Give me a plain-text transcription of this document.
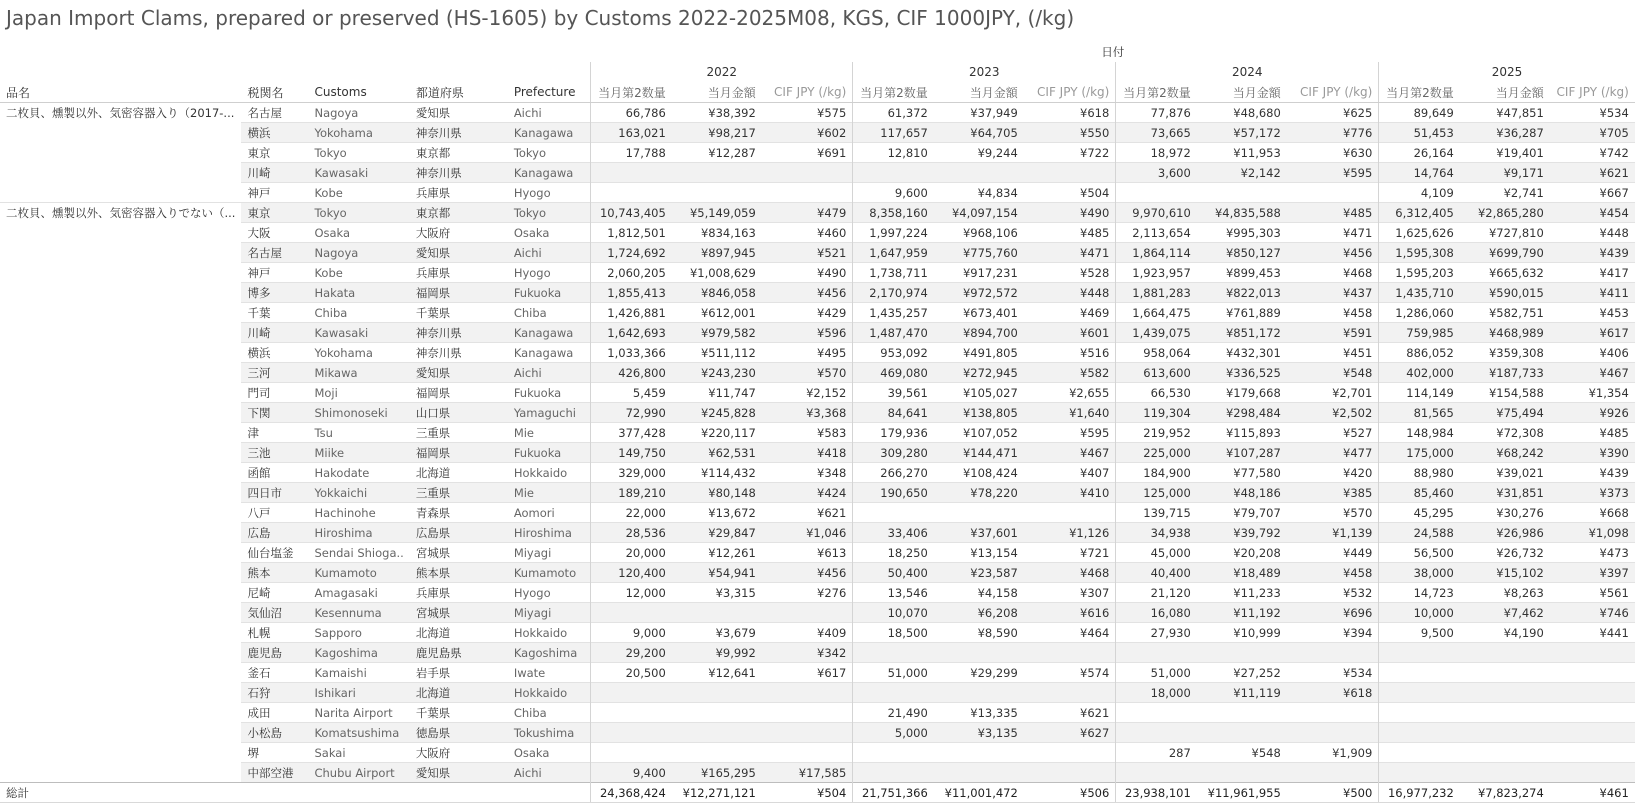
Japan Import Clams, prepared or preserved (HS-1605) by Customs 2022-2025M08, KGS, CIF 1000JPY, (/kg)
					日付											
					2022			2023			2024			2025		
品名	税関名	Customs	都道府県	Prefecture	当月第2数量	当月金額	CIF JPY (/kg)	当月第2数量	当月金額	CIF JPY (/kg)	当月第2数量	当月金額	CIF JPY (/kg)	当月第2数量	当月金額	CIF JPY (/kg)
二枚貝、燻製以外、気密容器入り（2017-...	名古屋	Nagoya	愛知県	Aichi	66,786	¥38,392	¥575	61,372	¥37,949	¥618	77,876	¥48,680	¥625	89,649	¥47,851	¥534
	横浜	Yokohama	神奈川県	Kanagawa	163,021	¥98,217	¥602	117,657	¥64,705	¥550	73,665	¥57,172	¥776	51,453	¥36,287	¥705
	東京	Tokyo	東京都	Tokyo	17,788	¥12,287	¥691	12,810	¥9,244	¥722	18,972	¥11,953	¥630	26,164	¥19,401	¥742
	川崎	Kawasaki	神奈川県	Kanagawa							3,600	¥2,142	¥595	14,764	¥9,171	¥621
	神戸	Kobe	兵庫県	Hyogo				9,600	¥4,834	¥504				4,109	¥2,741	¥667
二枚貝、燻製以外、気密容器入りでない（...	東京	Tokyo	東京都	Tokyo	10,743,405	¥5,149,059	¥479	8,358,160	¥4,097,154	¥490	9,970,610	¥4,835,588	¥485	6,312,405	¥2,865,280	¥454
	大阪	Osaka	大阪府	Osaka	1,812,501	¥834,163	¥460	1,997,224	¥968,106	¥485	2,113,654	¥995,303	¥471	1,625,626	¥727,810	¥448
	名古屋	Nagoya	愛知県	Aichi	1,724,692	¥897,945	¥521	1,647,959	¥775,760	¥471	1,864,114	¥850,127	¥456	1,595,308	¥699,790	¥439
	神戸	Kobe	兵庫県	Hyogo	2,060,205	¥1,008,629	¥490	1,738,711	¥917,231	¥528	1,923,957	¥899,453	¥468	1,595,203	¥665,632	¥417
	博多	Hakata	福岡県	Fukuoka	1,855,413	¥846,058	¥456	2,170,974	¥972,572	¥448	1,881,283	¥822,013	¥437	1,435,710	¥590,015	¥411
	千葉	Chiba	千葉県	Chiba	1,426,881	¥612,001	¥429	1,435,257	¥673,401	¥469	1,664,475	¥761,889	¥458	1,286,060	¥582,751	¥453
	川崎	Kawasaki	神奈川県	Kanagawa	1,642,693	¥979,582	¥596	1,487,470	¥894,700	¥601	1,439,075	¥851,172	¥591	759,985	¥468,989	¥617
	横浜	Yokohama	神奈川県	Kanagawa	1,033,366	¥511,112	¥495	953,092	¥491,805	¥516	958,064	¥432,301	¥451	886,052	¥359,308	¥406
	三河	Mikawa	愛知県	Aichi	426,800	¥243,230	¥570	469,080	¥272,945	¥582	613,600	¥336,525	¥548	402,000	¥187,733	¥467
	門司	Moji	福岡県	Fukuoka	5,459	¥11,747	¥2,152	39,561	¥105,027	¥2,655	66,530	¥179,668	¥2,701	114,149	¥154,588	¥1,354
	下関	Shimonoseki	山口県	Yamaguchi	72,990	¥245,828	¥3,368	84,641	¥138,805	¥1,640	119,304	¥298,484	¥2,502	81,565	¥75,494	¥926
	津	Tsu	三重県	Mie	377,428	¥220,117	¥583	179,936	¥107,052	¥595	219,952	¥115,893	¥527	148,984	¥72,308	¥485
	三池	Miike	福岡県	Fukuoka	149,750	¥62,531	¥418	309,280	¥144,471	¥467	225,000	¥107,287	¥477	175,000	¥68,242	¥390
	函館	Hakodate	北海道	Hokkaido	329,000	¥114,432	¥348	266,270	¥108,424	¥407	184,900	¥77,580	¥420	88,980	¥39,021	¥439
	四日市	Yokkaichi	三重県	Mie	189,210	¥80,148	¥424	190,650	¥78,220	¥410	125,000	¥48,186	¥385	85,460	¥31,851	¥373
	八戸	Hachinohe	青森県	Aomori	22,000	¥13,672	¥621				139,715	¥79,707	¥570	45,295	¥30,276	¥668
	広島	Hiroshima	広島県	Hiroshima	28,536	¥29,847	¥1,046	33,406	¥37,601	¥1,126	34,938	¥39,792	¥1,139	24,588	¥26,986	¥1,098
	仙台塩釜	Sendai Shioga..	宮城県	Miyagi	20,000	¥12,261	¥613	18,250	¥13,154	¥721	45,000	¥20,208	¥449	56,500	¥26,732	¥473
	熊本	Kumamoto	熊本県	Kumamoto	120,400	¥54,941	¥456	50,400	¥23,587	¥468	40,400	¥18,489	¥458	38,000	¥15,102	¥397
	尼崎	Amagasaki	兵庫県	Hyogo	12,000	¥3,315	¥276	13,546	¥4,158	¥307	21,120	¥11,233	¥532	14,723	¥8,263	¥561
	気仙沼	Kesennuma	宮城県	Miyagi				10,070	¥6,208	¥616	16,080	¥11,192	¥696	10,000	¥7,462	¥746
	札幌	Sapporo	北海道	Hokkaido	9,000	¥3,679	¥409	18,500	¥8,590	¥464	27,930	¥10,999	¥394	9,500	¥4,190	¥441
	鹿児島	Kagoshima	鹿児島県	Kagoshima	29,200	¥9,992	¥342									
	釜石	Kamaishi	岩手県	Iwate	20,500	¥12,641	¥617	51,000	¥29,299	¥574	51,000	¥27,252	¥534			
	石狩	Ishikari	北海道	Hokkaido							18,000	¥11,119	¥618			
	成田	Narita Airport	千葉県	Chiba				21,490	¥13,335	¥621						
	小松島	Komatsushima	徳島県	Tokushima				5,000	¥3,135	¥627						
	堺	Sakai	大阪府	Osaka							287	¥548	¥1,909			
	中部空港	Chubu Airport	愛知県	Aichi	9,400	¥165,295	¥17,585									
総計					24,368,424	¥12,271,121	¥504	21,751,366	¥11,001,472	¥506	23,938,101	¥11,961,955	¥500	16,977,232	¥7,823,274	¥461
